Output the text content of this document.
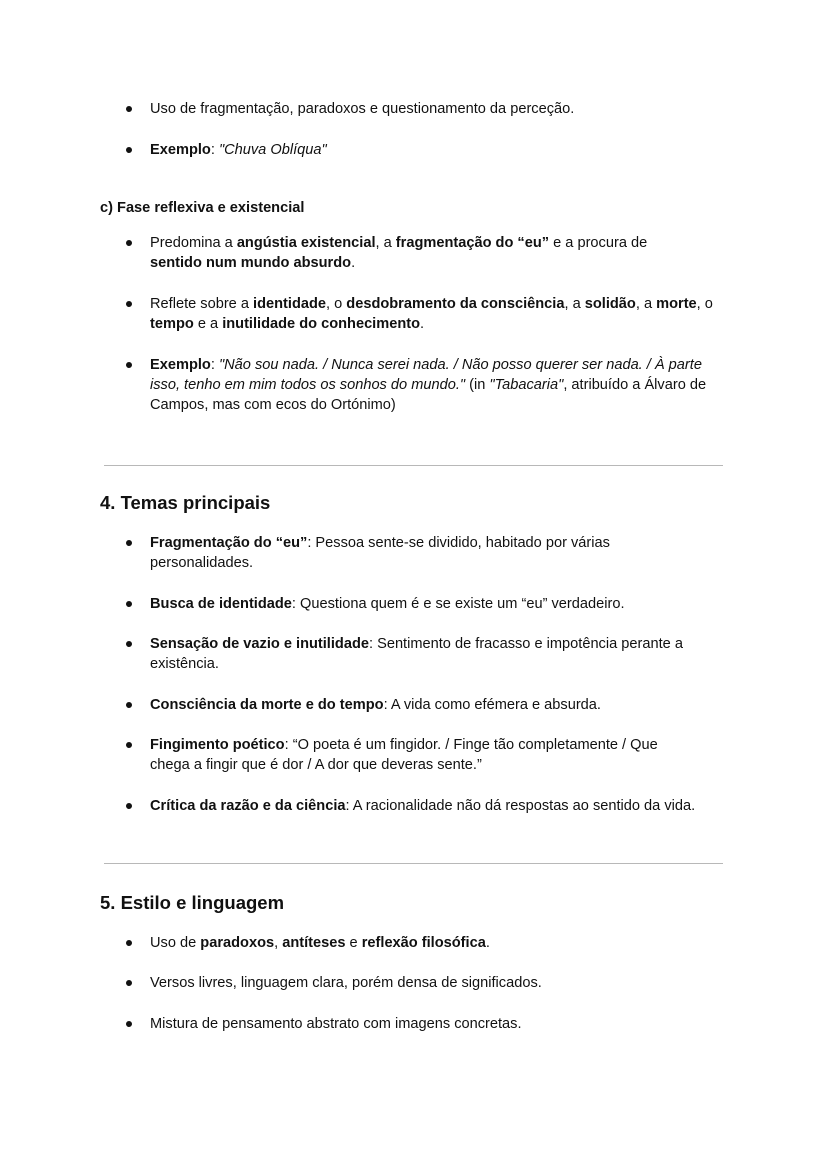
Uso de fragmentação, paradoxos e questionamento da perceção.
Exemplo: "Chuva Oblíqua"
c) Fase reflexiva e existencial
Predomina a angústia existencial, a fragmentação do “eu” e a procura de sentido num mundo absurdo.
Reflete sobre a identidade, o desdobramento da consciência, a solidão, a morte, o tempo e a inutilidade do conhecimento.
Exemplo: "Não sou nada. / Nunca serei nada. / Não posso querer ser nada. / À parte isso, tenho em mim todos os sonhos do mundo." (in "Tabacaria", atribuído a Álvaro de Campos, mas com ecos do Ortónimo)
4. Temas principais
Fragmentação do “eu”: Pessoa sente-se dividido, habitado por várias personalidades.
Busca de identidade: Questiona quem é e se existe um “eu” verdadeiro.
Sensação de vazio e inutilidade: Sentimento de fracasso e impotência perante a existência.
Consciência da morte e do tempo: A vida como efémera e absurda.
Fingimento poético: “O poeta é um fingidor. / Finge tão completamente / Que chega a fingir que é dor / A dor que deveras sente.”
Crítica da razão e da ciência: A racionalidade não dá respostas ao sentido da vida.
5. Estilo e linguagem
Uso de paradoxos, antíteses e reflexão filosófica.
Versos livres, linguagem clara, porém densa de significados.
Mistura de pensamento abstrato com imagens concretas.
